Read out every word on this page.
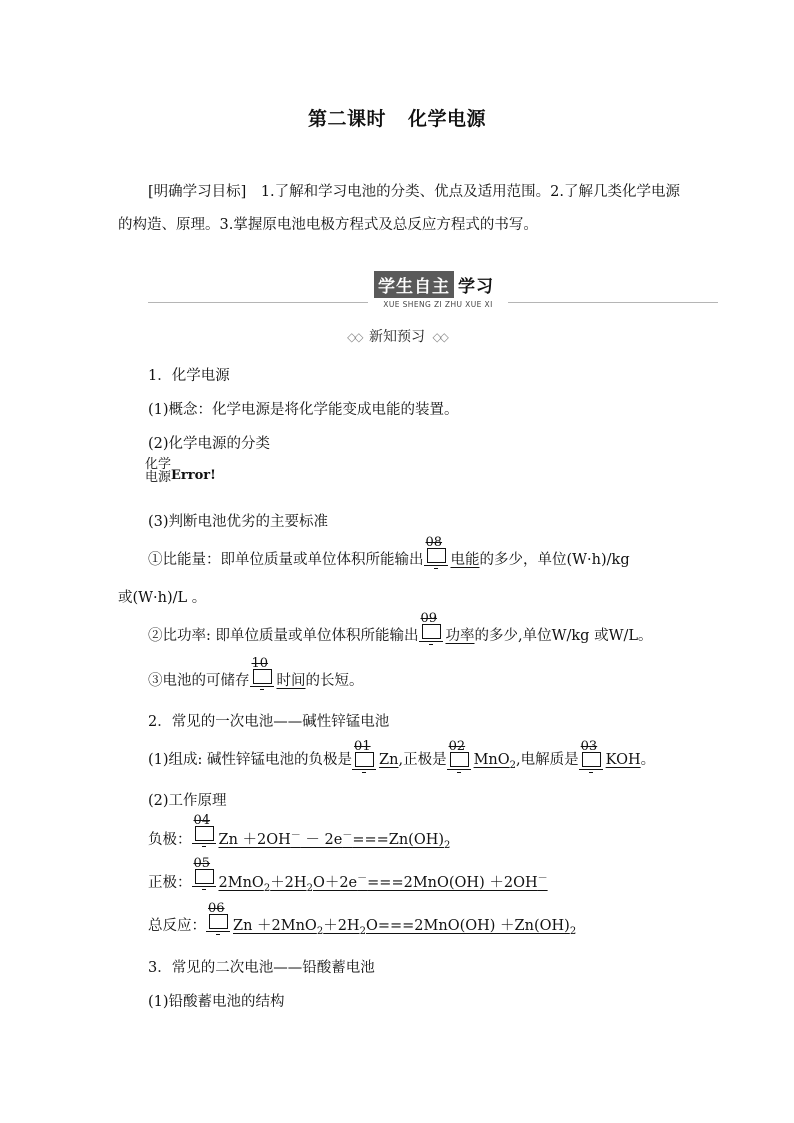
第二课时 化学电源
[明确学习目标]　1.了解和学习电池的分类、优点及适用范围。2.了解几类化学电源的构造、原理。3.掌握原电池电极方程式及总反应方程式的书写。
学生自主 学习
XUE SHENG ZI ZHU XUE XI
◇◇ 新知预习 ◇◇
1．化学电源
(1)概念：化学电源是将化学能变成电能的装置。
(2)化学电源的分类
化学
电源Error!
(3)判断电池优劣的主要标准
①比能量：即单位质量或单位体积所能输出
08
电能的多少，单位(W·h)/kg
或(W·h)/L 。
②比功率: 即单位质量或单位体积所能输出
09
功率的多少,单位W/kg 或W/L。
③电池的可储存
10
时间的长短。
2．常见的一次电池——碱性锌锰电池
(1)组成: 碱性锌锰电池的负极是
01
Zn,正极是
02
MnO$_2$,电解质是
03
KOH。
(2)工作原理
负极：
04
$Zn +2OH^- - 2e^-===Zn(OH)_2$
正极：
05
$2MnO_2+2H_2O+2e^-===2MnO(OH) +2OH^-$
总反应：
06
$Zn +2MnO_2+2H_2O===2MnO(OH) +Zn(OH)_2$
3．常见的二次电池——铅酸蓄电池
(1)铅酸蓄电池的结构
